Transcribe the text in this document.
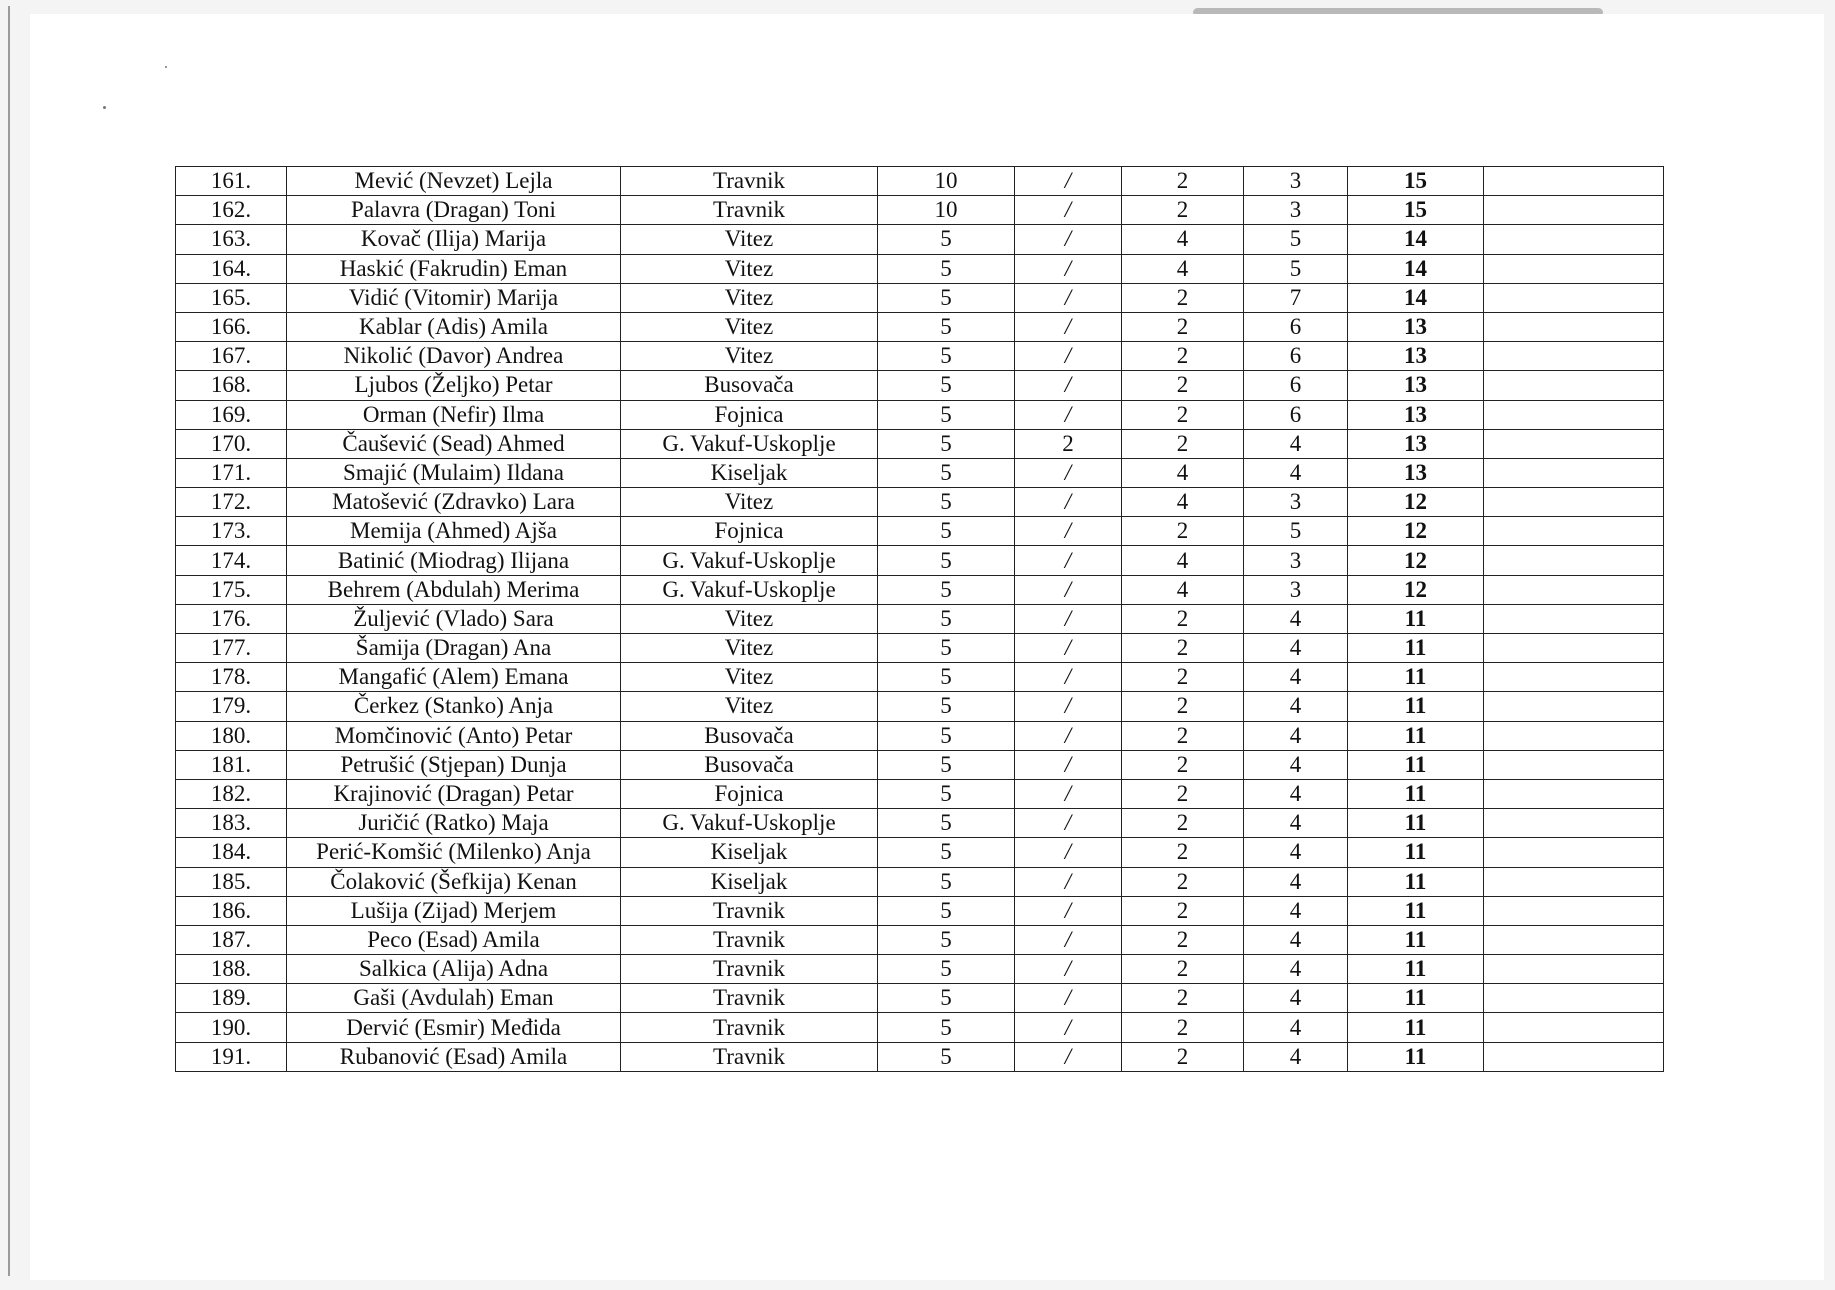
161.	Mević (Nevzet) Lejla	Travnik	10	/	2	3	15	
162.	Palavra (Dragan) Toni	Travnik	10	/	2	3	15	
163.	Kovač (Ilija) Marija	Vitez	5	/	4	5	14	
164.	Haskić (Fakrudin) Eman	Vitez	5	/	4	5	14	
165.	Vidić (Vitomir) Marija	Vitez	5	/	2	7	14	
166.	Kablar (Adis) Amila	Vitez	5	/	2	6	13	
167.	Nikolić (Davor) Andrea	Vitez	5	/	2	6	13	
168.	Ljubos (Željko) Petar	Busovača	5	/	2	6	13	
169.	Orman (Nefir) Ilma	Fojnica	5	/	2	6	13	
170.	Čaušević (Sead) Ahmed	G. Vakuf-Uskoplje	5	2	2	4	13	
171.	Smajić (Mulaim) Ildana	Kiseljak	5	/	4	4	13	
172.	Matošević (Zdravko) Lara	Vitez	5	/	4	3	12	
173.	Memija (Ahmed) Ajša	Fojnica	5	/	2	5	12	
174.	Batinić (Miodrag) Ilijana	G. Vakuf-Uskoplje	5	/	4	3	12	
175.	Behrem (Abdulah) Merima	G. Vakuf-Uskoplje	5	/	4	3	12	
176.	Žuljević (Vlado) Sara	Vitez	5	/	2	4	11	
177.	Šamija (Dragan) Ana	Vitez	5	/	2	4	11	
178.	Mangafić (Alem) Emana	Vitez	5	/	2	4	11	
179.	Čerkez (Stanko) Anja	Vitez	5	/	2	4	11	
180.	Momčinović (Anto) Petar	Busovača	5	/	2	4	11	
181.	Petrušić (Stjepan) Dunja	Busovača	5	/	2	4	11	
182.	Krajinović (Dragan) Petar	Fojnica	5	/	2	4	11	
183.	Juričić (Ratko) Maja	G. Vakuf-Uskoplje	5	/	2	4	11	
184.	Perić-Komšić (Milenko) Anja	Kiseljak	5	/	2	4	11	
185.	Čolaković (Šefkija) Kenan	Kiseljak	5	/	2	4	11	
186.	Lušija (Zijad) Merjem	Travnik	5	/	2	4	11	
187.	Peco (Esad) Amila	Travnik	5	/	2	4	11	
188.	Salkica (Alija) Adna	Travnik	5	/	2	4	11	
189.	Gaši (Avdulah) Eman	Travnik	5	/	2	4	11	
190.	Dervić (Esmir) Međida	Travnik	5	/	2	4	11	
191.	Rubanović (Esad) Amila	Travnik	5	/	2	4	11	
